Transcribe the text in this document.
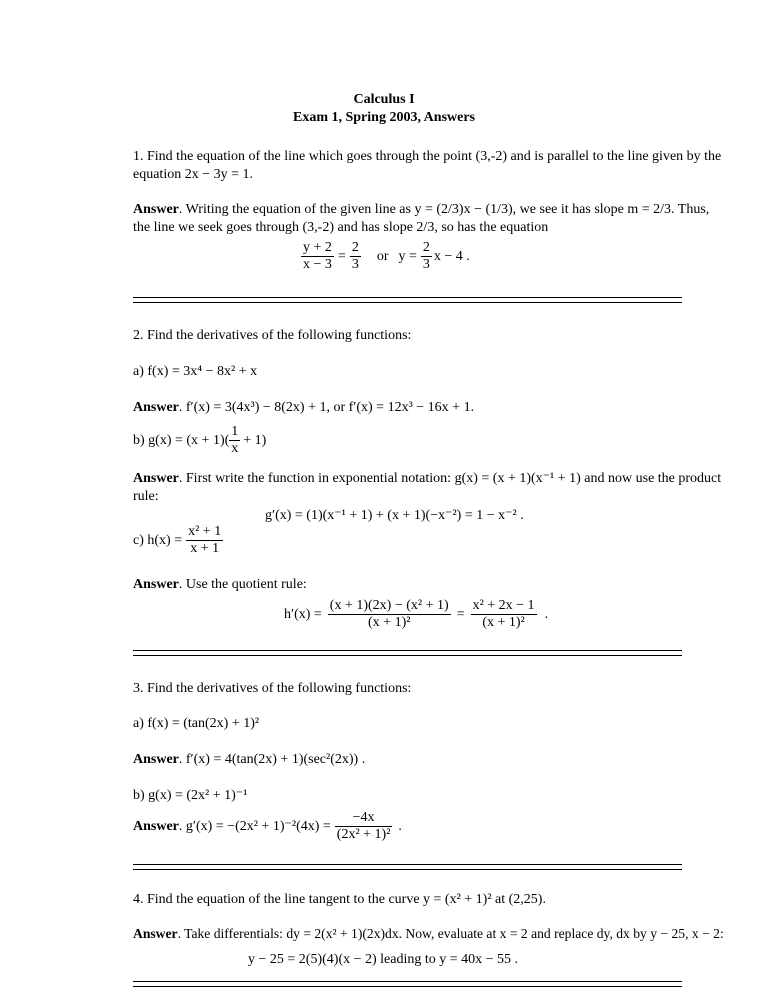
Calculus I
Exam 1, Spring 2003, Answers
1. Find the equation of the line which goes through the point (3,-2) and is parallel to the line given by the
equation 2x − 3y = 1.
Answer. Writing the equation of the given line as y = (2/3)x − (1/3), we see it has slope m = 2/3. Thus,
the line we seek goes through (3,-2) and has slope 2/3, so has the equation
$\frac{y + 2}{x - 3} = \frac{2}{3}$ or $y = \frac{2}{3}$ x − 4 .
2. Find the derivatives of the following functions:
a) f(x) = 3x⁴ − 8x² + x
Answer. f′(x) = 3(4x³) − 8(2x) + 1, or f′(x) = 12x³ − 16x + 1.
b) $g(x) = (x + 1)( \frac{1}{x} + 1)$
Answer. First write the function in exponential notation: g(x) = (x + 1)(x⁻¹ + 1) and now use the product
rule:
g′(x) = (1)(x⁻¹ + 1) + (x + 1)(−x⁻²) = 1 − x⁻² .
c) $h(x) = \frac{\text{x² + 1}}{x + 1}$
Answer. Use the quotient rule:
$h'(x) = \frac{\text{(x + 1)(2x) − (x² + 1)}}{\text{(x + 1)²}} = \frac{\text{x² + 2x − 1}}{\text{(x + 1)²}}$ .
3. Find the derivatives of the following functions:
a) f(x) = (tan(2x) + 1)²
Answer. f′(x) = 4(tan(2x) + 1)(sec²(2x)) .
b) g(x) = (2x² + 1)⁻¹
Answer . $g'(x) = -(2x^2 + 1)^{-2}(4x) = \frac{-4x}{\text{(2x² + 1)²}}$ .
4. Find the equation of the line tangent to the curve y = (x² + 1)² at (2,25).
Answer. Take differentials: dy = 2(x² + 1)(2x)dx. Now, evaluate at x = 2 and replace dy, dx by y − 25, x − 2:
y − 25 = 2(5)(4)(x − 2) leading to y = 40x − 55 .
